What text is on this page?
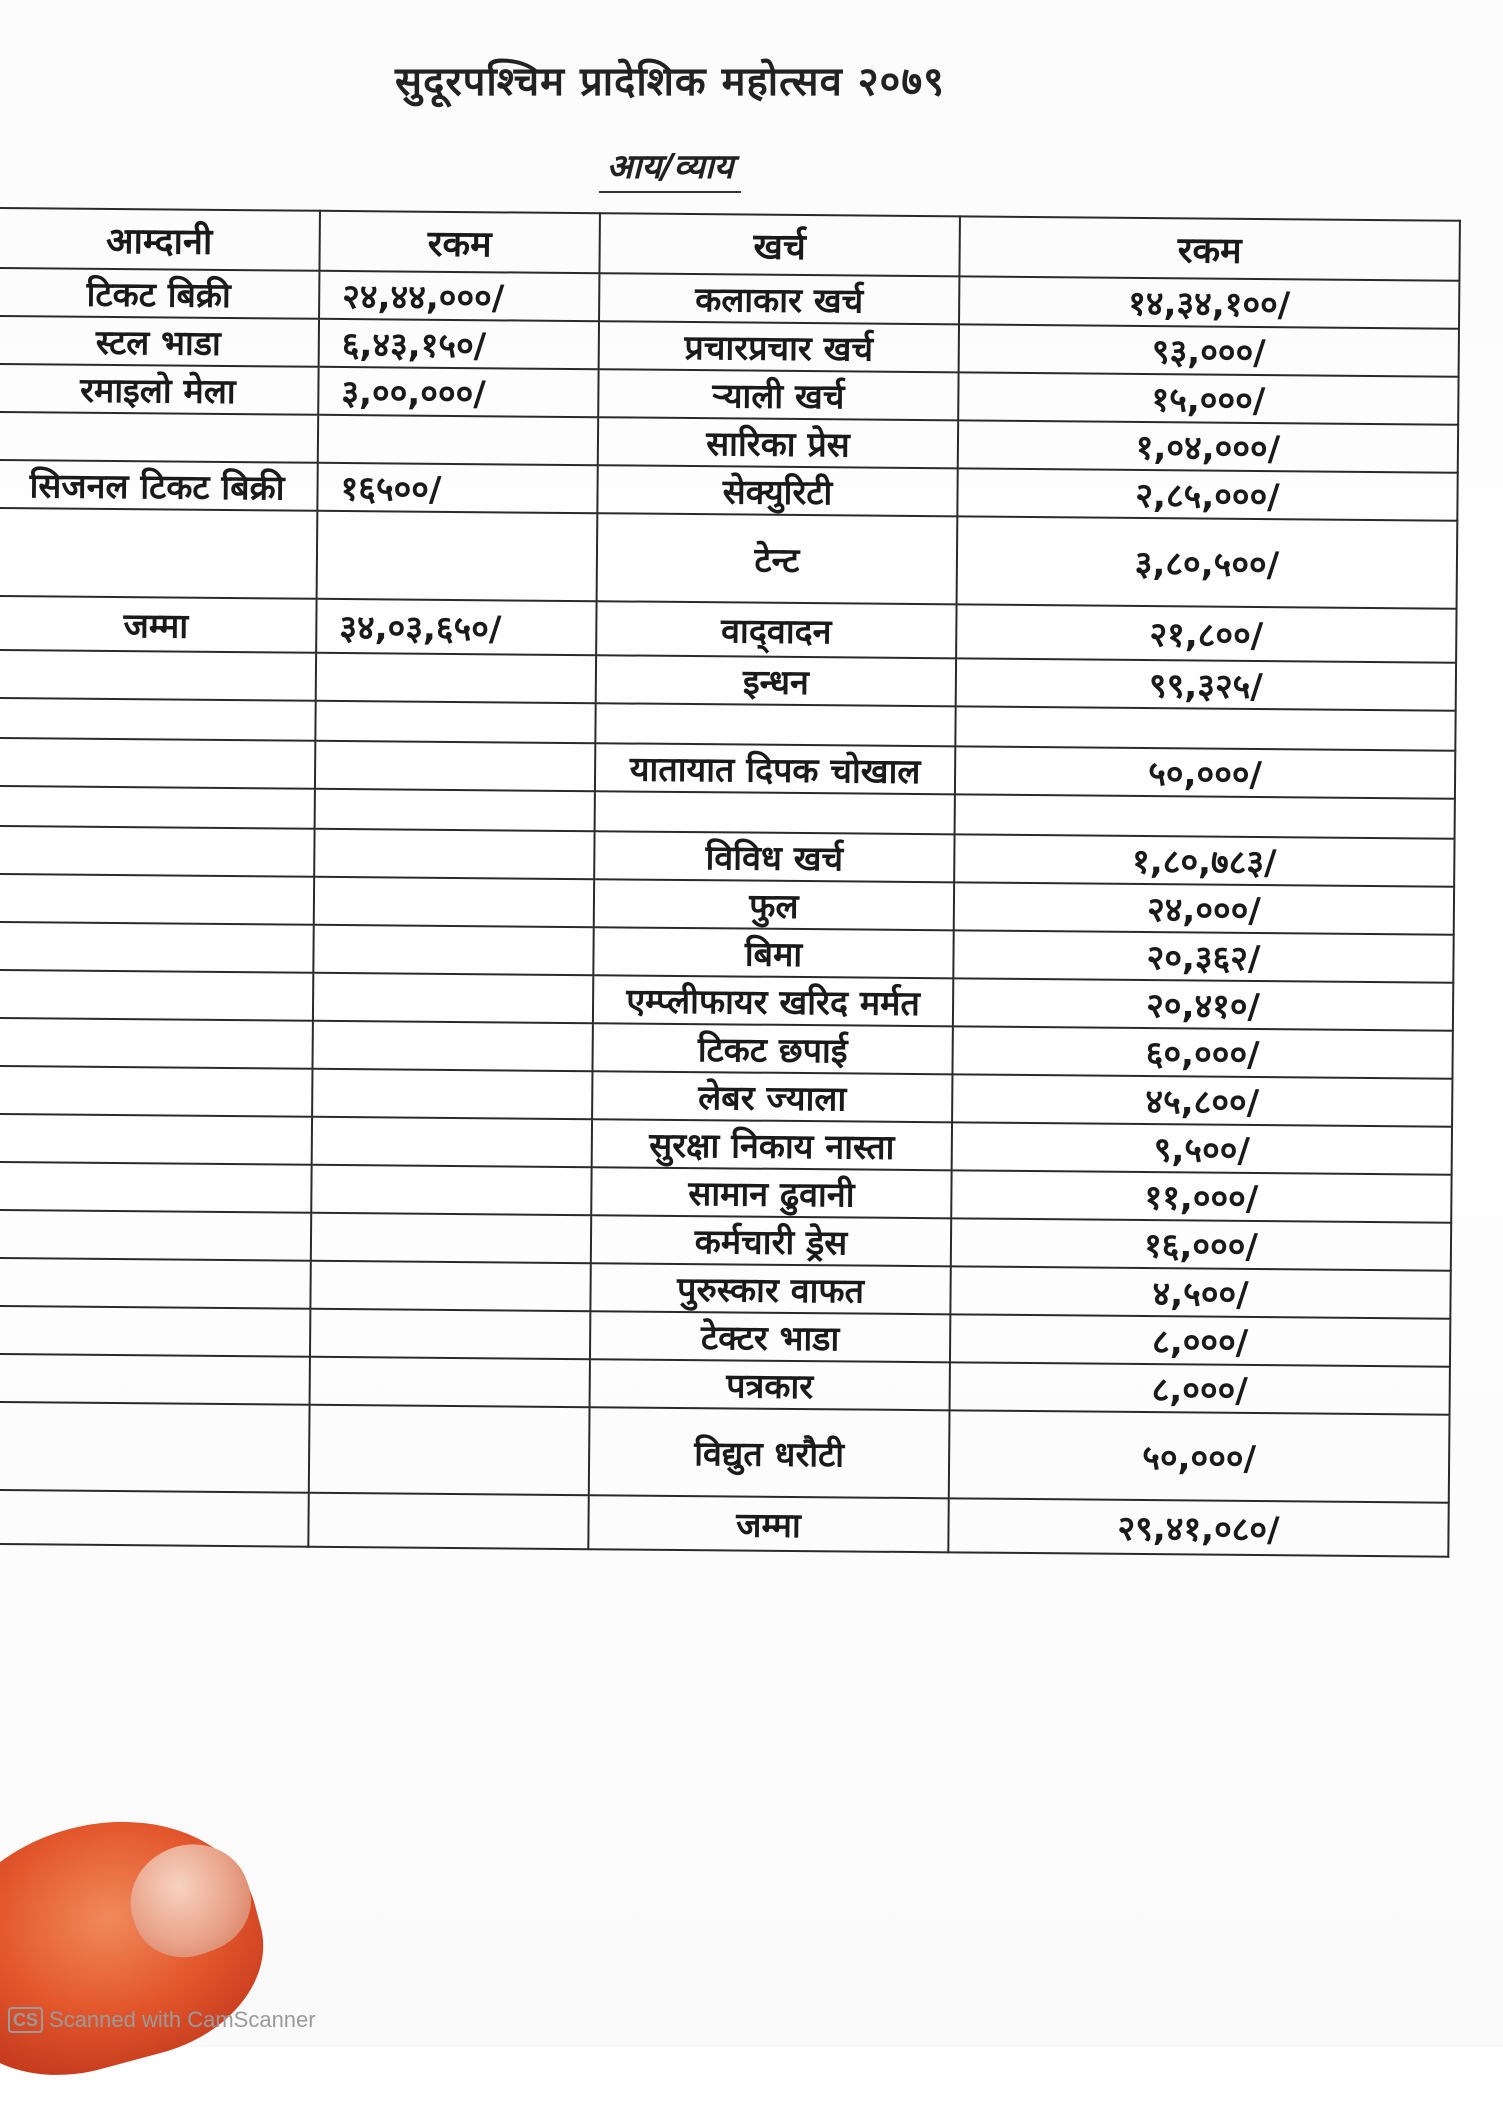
सुदूरपश्चिम प्रादेशिक महोत्सव २०७९
आय/व्याय
आम्दानी	रकम	खर्च	रकम
टिकट बिक्री	२४,४४,०००/	कलाकार खर्च	१४,३४,१००/
स्टल भाडा	६,४३,१५०/	प्रचारप्रचार खर्च	९३,०००/
रमाइलो मेला	३,००,०००/	र्‍याली खर्च	१५,०००/
		सारिका प्रेस	१,०४,०००/
सिजनल टिकट बिक्री	१६५००/	सेक्युरिटी	२,८५,०००/
		टेन्ट	३,८०,५००/
जम्मा	३४,०३,६५०/	वाद्‌वादन	२१,८००/
		इन्धन	९९,३२५/

		यातायात दिपक चोखाल	५०,०००/

		विविध खर्च	१,८०,७८३/
		फुल	२४,०००/
		बिमा	२०,३६२/
		एम्प्लीफायर खरिद मर्मत	२०,४१०/
		टिकट छपाई	६०,०००/
		लेबर ज्याला	४५,८००/
		सुरक्षा निकाय नास्ता	९,५००/
		सामान ढुवानी	११,०००/
		कर्मचारी ड्रेस	१६,०००/
		पुरुस्कार वाफत	४,५००/
		टेक्टर भाडा	८,०००/
		पत्रकार	८,०००/
		विद्युत धरौटी	५०,०००/
		जम्मा	२९,४१,०८०/
CS Scanned with CamScanner
